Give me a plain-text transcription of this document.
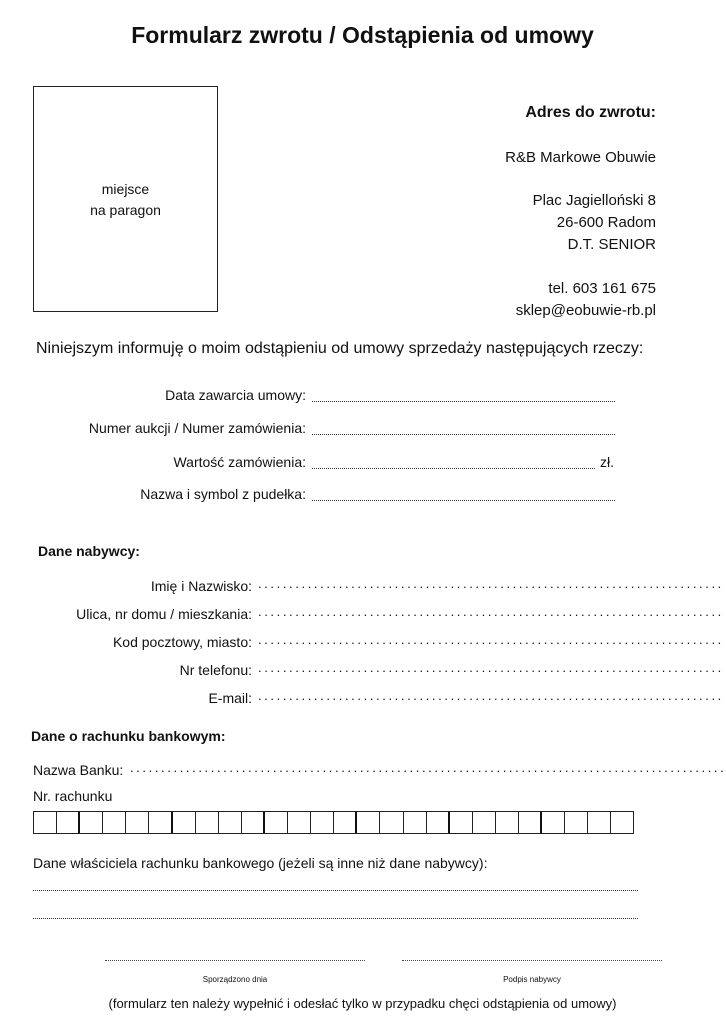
Formularz zwrotu / Odstąpienia od umowy
miejsce
na paragon
Adres do zwrotu:
R&B Markowe Obuwie
Plac Jagielloński 8
26-600 Radom
D.T. SENIOR
tel. 603 161 675
sklep@eobuwie-rb.pl
Niniejszym informuję o moim odstąpieniu od umowy sprzedaży następujących rzeczy:
Data zawarcia umowy:
Numer aukcji / Numer zamówienia:
Wartość zamówienia:	zł.
Nazwa i symbol z pudełka:
Dane nabywcy:
Imię i Nazwisko: ...........................................................................
Ulica, nr domu / mieszkania: ...........................................................................
Kod pocztowy, miasto: ...........................................................................
Nr telefonu: ...........................................................................
E-mail: ...........................................................................
Dane o rachunku bankowym:
Nazwa Banku: ................................................................................................
Nr. rachunku
Dane właściciela rachunku bankowego (jeżeli są inne niż dane nabywcy):
Sporządzono dnia	Podpis nabywcy
(formularz ten należy wypełnić i odesłać tylko w przypadku chęci odstąpienia od umowy)
